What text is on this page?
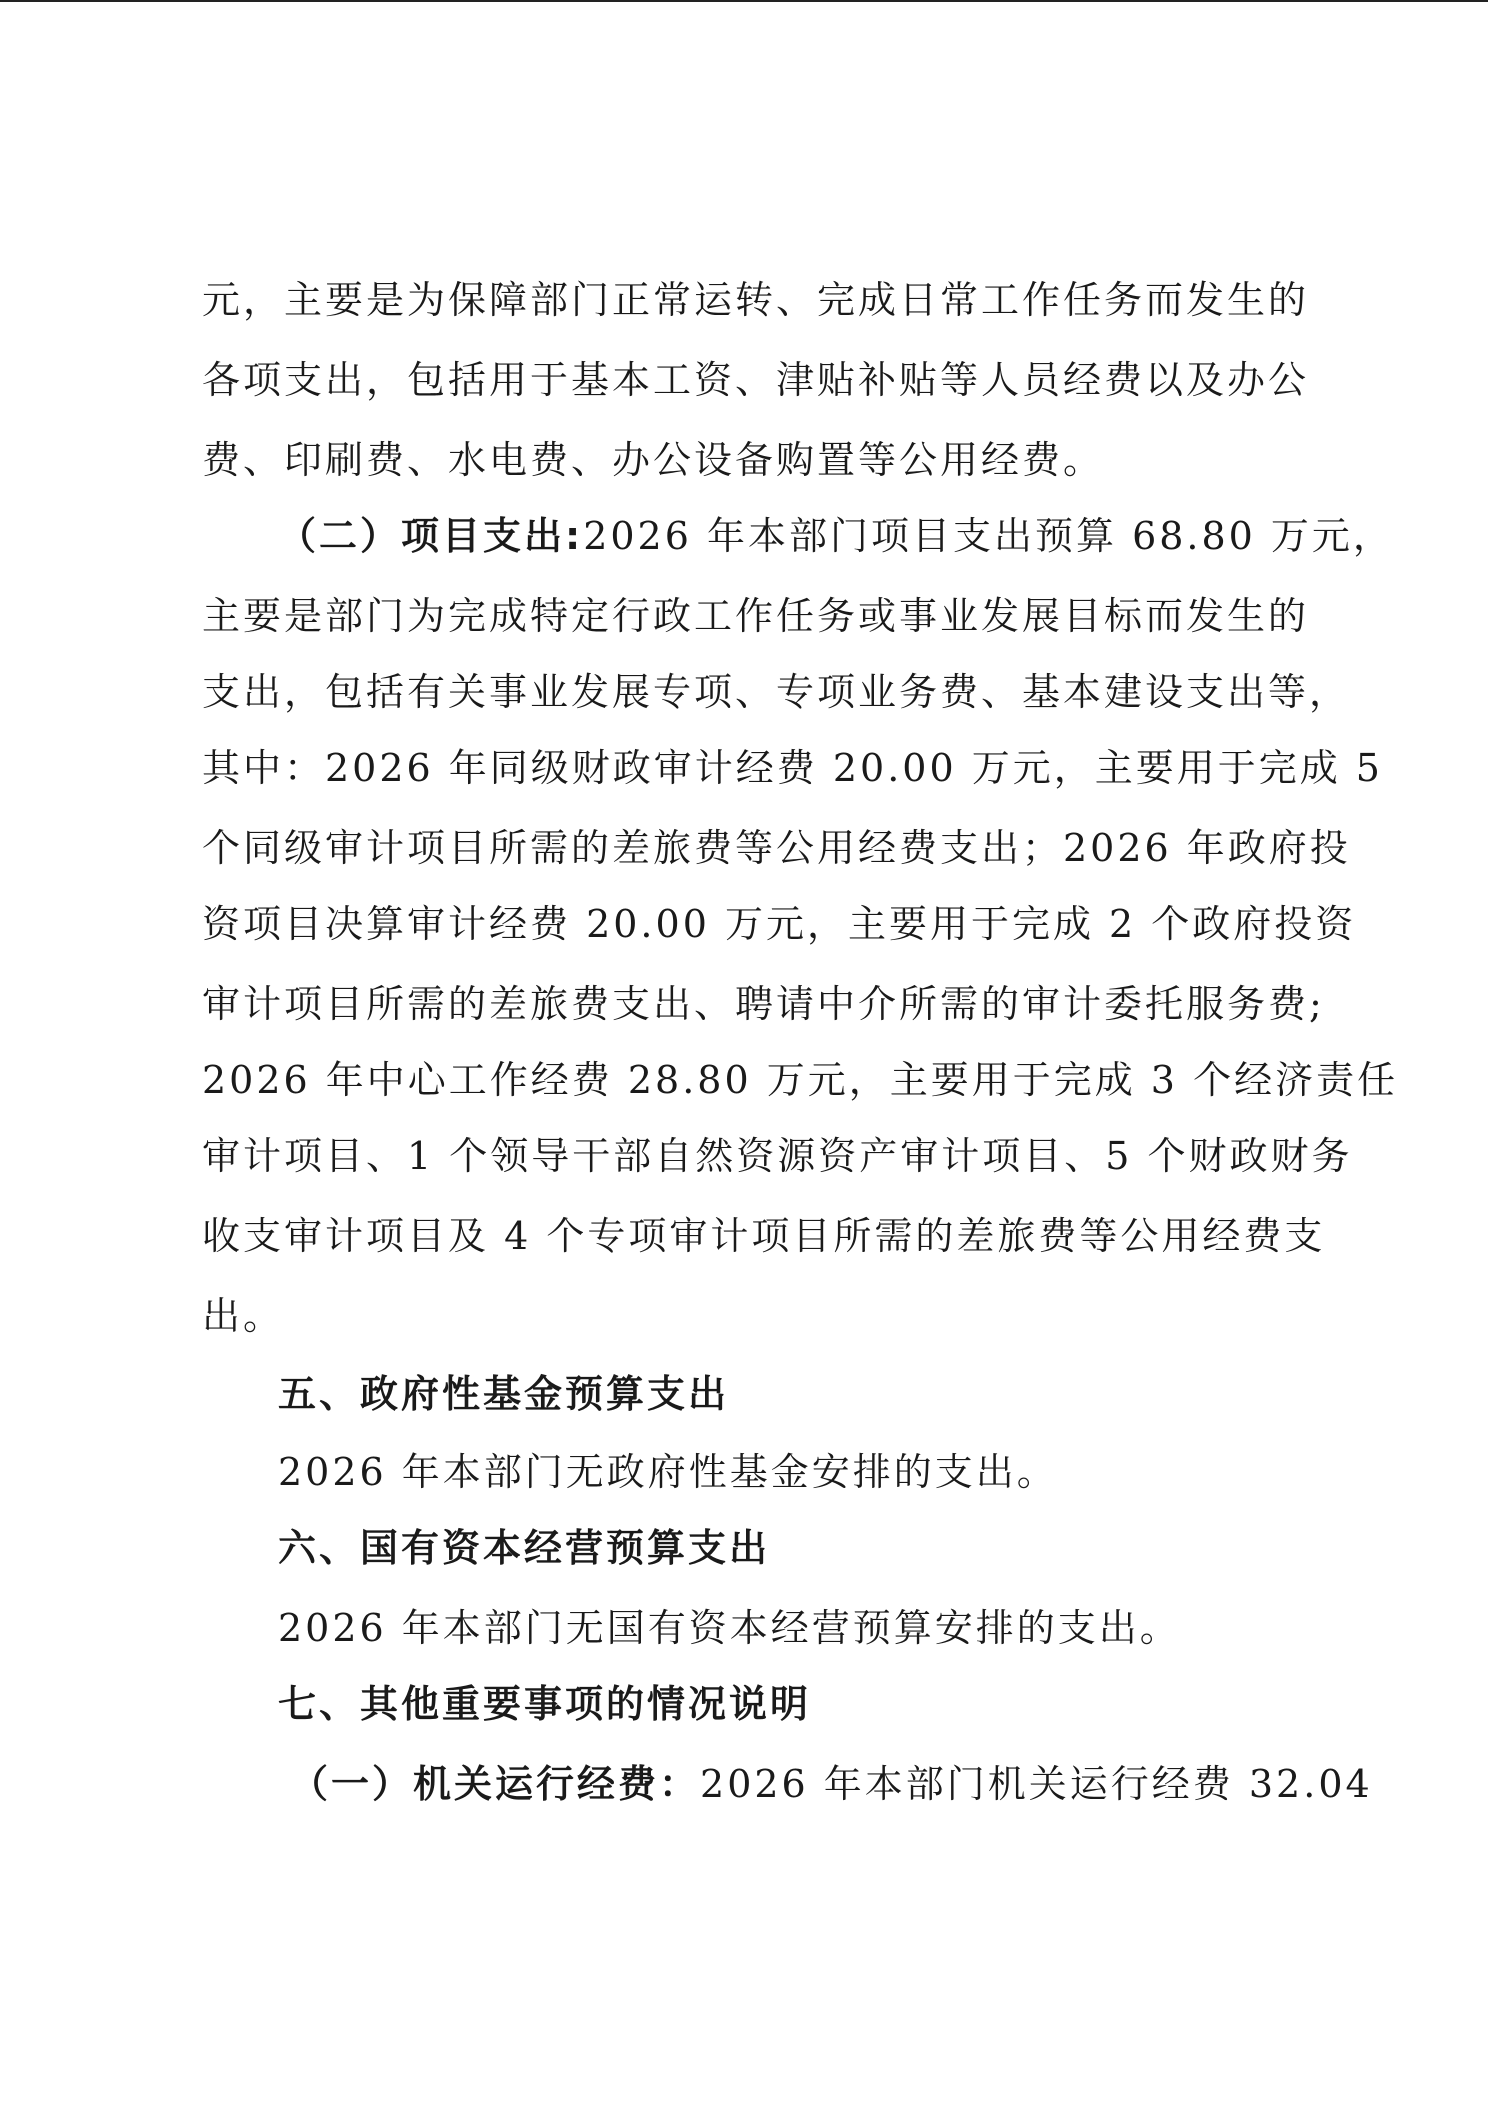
元，主要是为保障部门正常运转、完成日常工作任务而发生的
各项支出，包括用于基本工资、津贴补贴等人员经费以及办公
费、印刷费、水电费、办公设备购置等公用经费。
（二）项目支出: 2026 年本部门项目支出预算 68.80 万元，
主要是部门为完成特定行政工作任务或事业发展目标而发生的
支出，包括有关事业发展专项、专项业务费、基本建设支出等，
其中：2026 年同级财政审计经费 20.00 万元，主要用于完成 5
个同级审计项目所需的差旅费等公用经费支出；2026 年政府投
资项目决算审计经费 20.00 万元，主要用于完成 2 个政府投资
审计项目所需的差旅费支出、聘请中介所需的审计委托服务费;
2026 年中心工作经费 28.80 万元，主要用于完成 3 个经济责任
审计项目、1 个领导干部自然资源资产审计项目、5 个财政财务
收支审计项目及 4 个专项审计项目所需的差旅费等公用经费支
出。
五、政府性基金预算支出
2026 年本部门无政府性基金安排的支出。
六、国有资本经营预算支出
2026 年本部门无国有资本经营预算安排的支出。
七、其他重要事项的情况说明
（一）机关运行经费： 2026 年本部门机关运行经费 32.04
